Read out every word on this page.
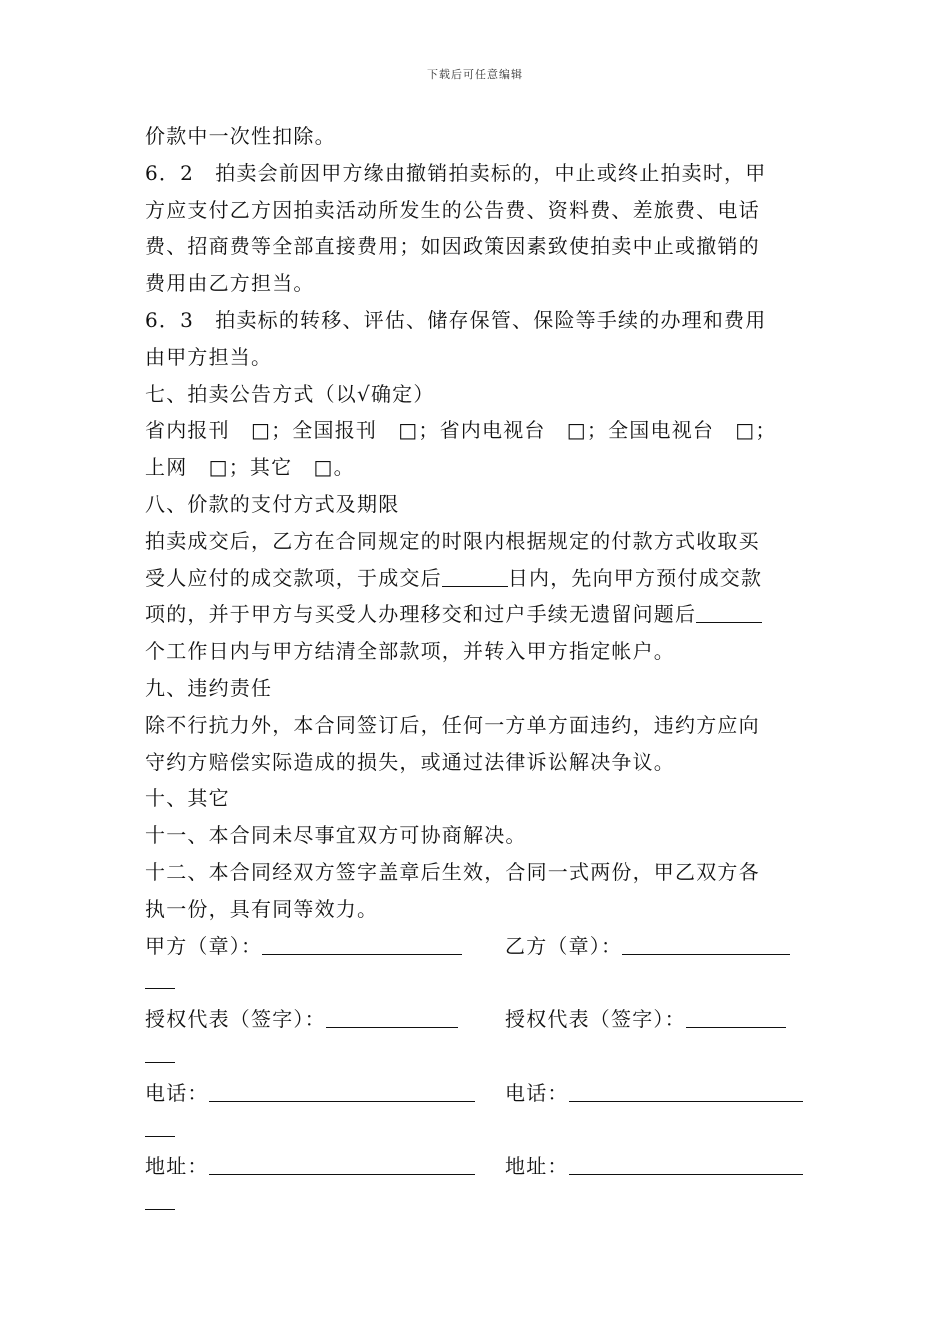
下载后可任意编辑
价款中一次性扣除。
6．2　拍卖会前因甲方缘由撤销拍卖标的，中止或终止拍卖时，甲
方应支付乙方因拍卖活动所发生的公告费、资料费、差旅费、电话
费、招商费等全部直接费用；如因政策因素致使拍卖中止或撤销的
费用由乙方担当。
6．3　拍卖标的转移、评估、储存保管、保险等手续的办理和费用
由甲方担当。
七、拍卖公告方式（以√确定）
省内报刊　□；全国报刊　□；省内电视台　□；全国电视台　□；
上网　□；其它　□。
八、价款的支付方式及期限
拍卖成交后，乙方在合同规定的时限内根据规定的付款方式收取买
受人应付的成交款项，于成交后	日内，先向甲方预付成交款
项的，并于甲方与买受人办理移交和过户手续无遗留问题后
个工作日内与甲方结清全部款项，并转入甲方指定帐户。
九、违约责任
除不行抗力外，本合同签订后，任何一方单方面违约，违约方应向
守约方赔偿实际造成的损失，或通过法律诉讼解决争议。
十、其它
十一、本合同未尽事宜双方可协商解决。
十二、本合同经双方签字盖章后生效，合同一式两份，甲乙双方各
执一份，具有同等效力。
甲方（章）：	乙方（章）：
授权代表（签字）：	授权代表（签字）：
电话：	电话：
地址：	地址：
